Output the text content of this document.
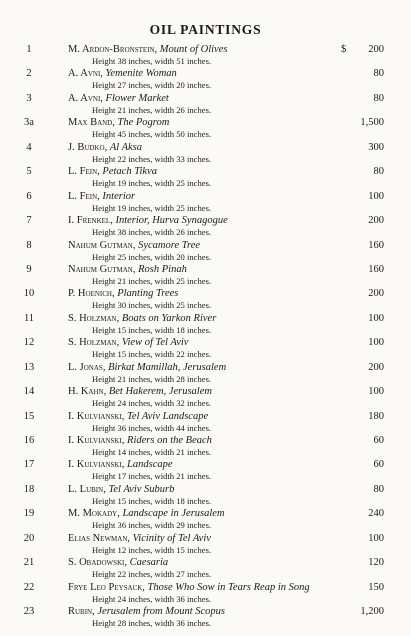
OIL PAINTINGS
$
1	M. Ardon-Bronstein, Mount of Olives
Height 38 inches, width 51 inches.
200
2	A. Avni, Yemenite Woman
Height 27 inches, width 20 inches.
80
3	A. Avni, Flower Market
Height 21 inches, width 26 inches.
80
3a	Max Band, The Pogrom
Height 45 inches, width 50 inches.
1,500
4	J. Budko, Al Aksa
Height 22 inches, width 33 inches.
300
5	L. Fein, Petach Tikva
Height 19 inches, width 25 inches.
80
6	L. Fein, Interior
Height 19 inches, width 25 inches.
100
7	I. Frenkel, Interior, Hurva Synagogue
Height 38 inches, width 26 inches.
200
8	Nahum Gutman, Sycamore Tree
Height 25 inches, width 20 inches.
160
9	Nahum Gutman, Rosh Pinah
Height 21 inches, width 25 inches.
160
10	P. Hoenich, Planting Trees
Height 30 inches, width 25 inches.
200
11	S. Holzman, Boats on Yarkon River
Height 15 inches, width 18 inches.
100
12	S. Holzman, View of Tel Aviv
Height 15 inches, width 22 inches.
100
13	L. Jonas, Birkat Mamillah, Jerusalem
Height 21 inches, width 28 inches.
200
14	H. Kahn, Bet Hakerem, Jerusalem
Height 24 inches, width 32 inches.
100
15	I. Kulvianski, Tel Aviv Landscape
Height 36 inches, width 44 inches.
180
16	I. Kulvianski, Riders on the Beach
Height 14 inches, width 21 inches.
60
17	I. Kulvianski, Landscape
Height 17 inches, width 21 inches.
60
18	L. Lubin, Tel Aviv Suburb
Height 15 inches, width 18 inches.
80
19	M. Mokady, Landscape in Jerusalem
Height 36 inches, width 29 inches.
240
20	Elias Newman, Vicinity of Tel Aviv
Height 12 inches, width 15 inches.
100
21	S. Obadowski, Caesaria
Height 22 inches, width 27 inches.
120
22	Frye Leo Peysack, Those Who Sow in Tears Reap in Song
Height 24 inches, width 36 inches.
150
23	Rubin, Jerusalem from Mount Scopus
Height 28 inches, width 36 inches.
1,200
